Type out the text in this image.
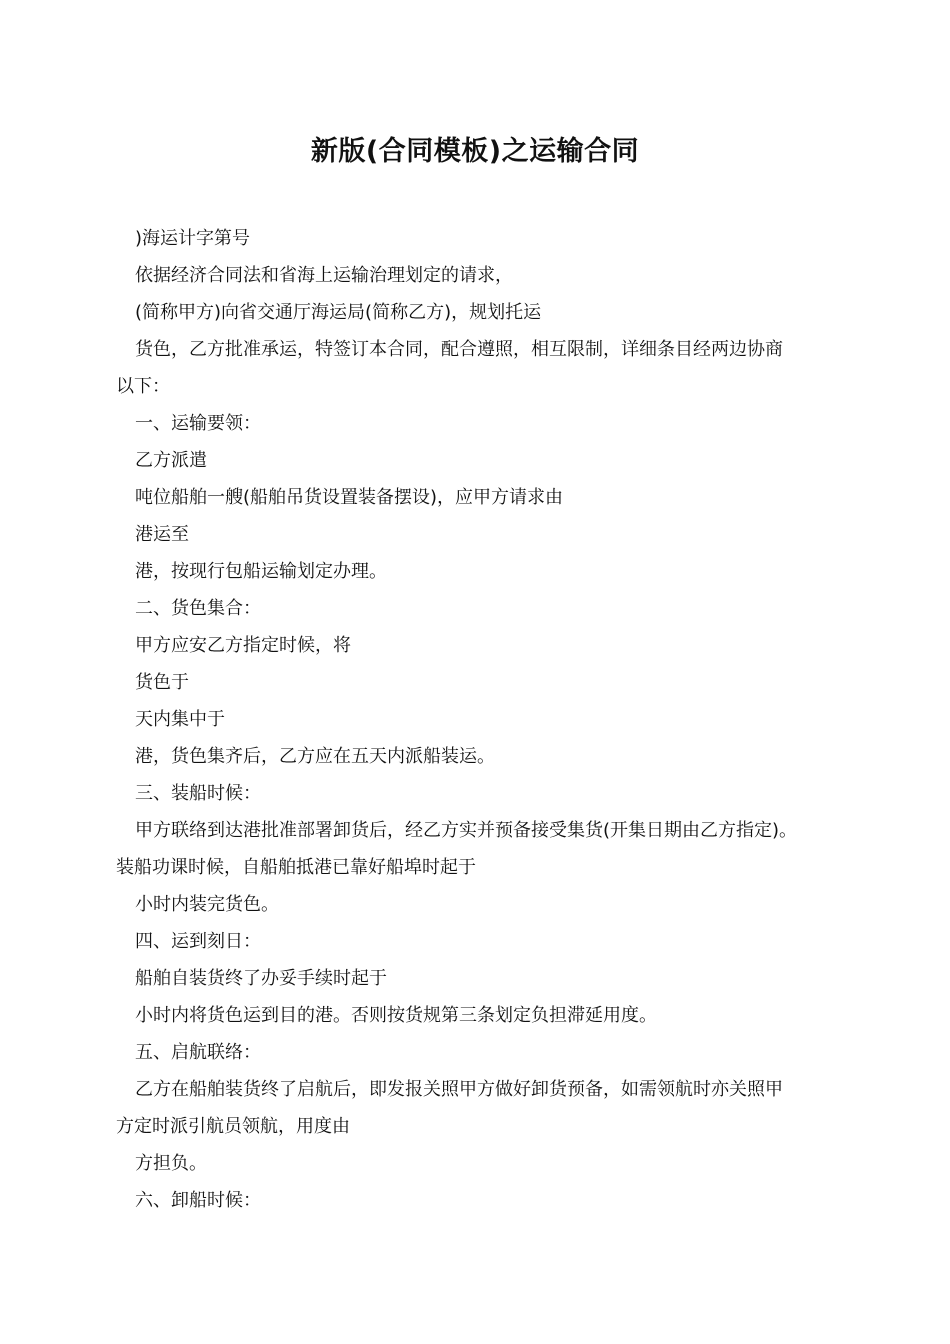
新版(合同模板)之运输合同

)海运计字第号

依据经济合同法和省海上运输治理划定的请求，

(简称甲方)向省交通厅海运局(简称乙方)，规划托运

货色，乙方批准承运，特签订本合同，配合遵照，相互限制，详细条目经两边协商

以下：

一、运输要领：

乙方派遣

吨位船舶一艘(船舶吊货设置装备摆设)，应甲方请求由

港运至

港，按现行包船运输划定办理。

二、货色集合：

甲方应安乙方指定时候，将

货色于

天内集中于

港，货色集齐后，乙方应在五天内派船装运。

三、装船时候：

甲方联络到达港批准部署卸货后，经乙方实并预备接受集货(开集日期由乙方指定)。

装船功课时候，自船舶抵港已靠好船埠时起于

小时内装完货色。

四、运到刻日：

船舶自装货终了办妥手续时起于

小时内将货色运到目的港。否则按货规第三条划定负担滞延用度。

五、启航联络：

乙方在船舶装货终了启航后，即发报关照甲方做好卸货预备，如需领航时亦关照甲

方定时派引航员领航，用度由

方担负。

六、卸船时候：
